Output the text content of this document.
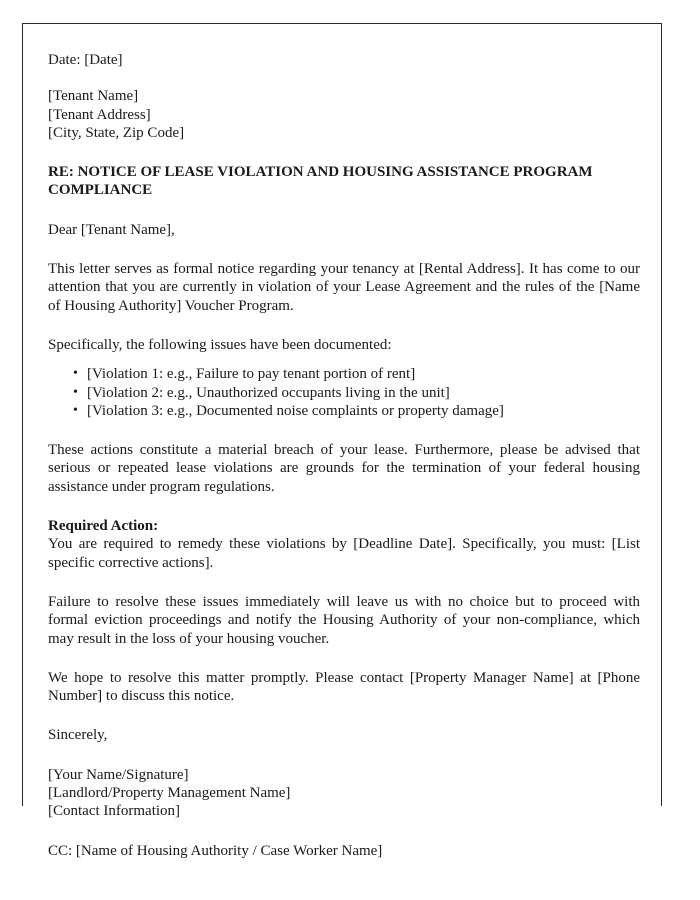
Date: [Date]
[Tenant Name]
[Tenant Address]
[City, State, Zip Code]
RE: NOTICE OF LEASE VIOLATION AND HOUSING ASSISTANCE PROGRAM COMPLIANCE
Dear [Tenant Name],
This letter serves as formal notice regarding your tenancy at [Rental Address]. It has come to our attention that you are currently in violation of your Lease Agreement and the rules of the [Name of Housing Authority] Voucher Program.
Specifically, the following issues have been documented:
• [Violation 1: e.g., Failure to pay tenant portion of rent]
• [Violation 2: e.g., Unauthorized occupants living in the unit]
• [Violation 3: e.g., Documented noise complaints or property damage]
These actions constitute a material breach of your lease. Furthermore, please be advised that serious or repeated lease violations are grounds for the termination of your federal housing assistance under program regulations.
Required Action:
You are required to remedy these violations by [Deadline Date]. Specifically, you must: [List specific corrective actions].
Failure to resolve these issues immediately will leave us with no choice but to proceed with formal eviction proceedings and notify the Housing Authority of your non-compliance, which may result in the loss of your housing voucher.
We hope to resolve this matter promptly. Please contact [Property Manager Name] at [Phone Number] to discuss this notice.
Sincerely,
[Your Name/Signature]
[Landlord/Property Management Name]
[Contact Information]
CC: [Name of Housing Authority / Case Worker Name]
